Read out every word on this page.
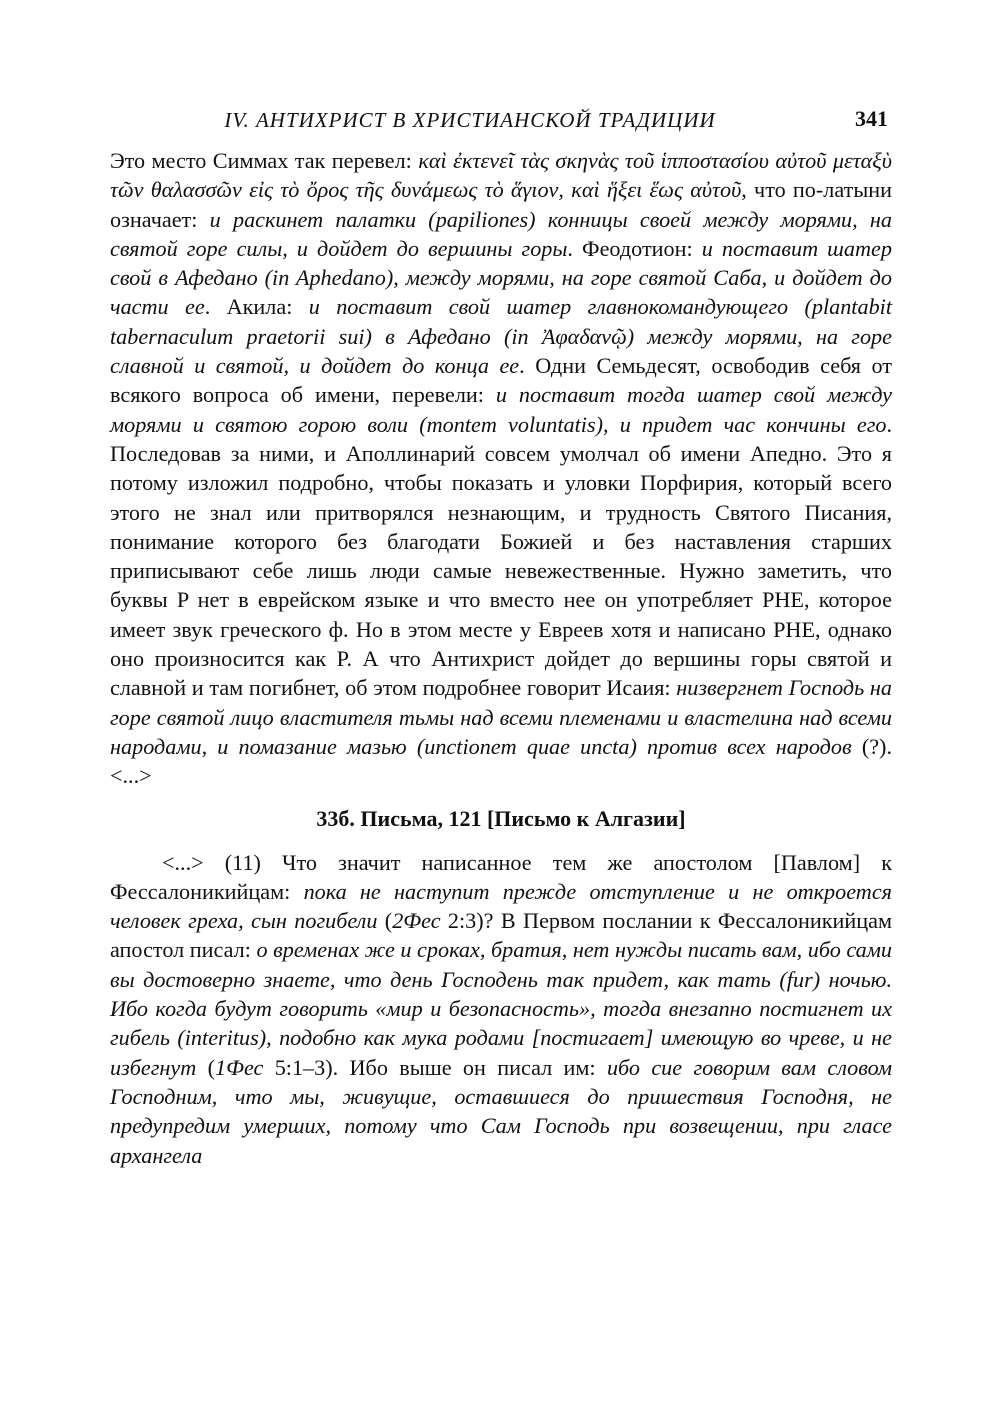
IV. АНТИХРИСТ В ХРИСТИАНСКОЙ ТРАДИЦИИ	341

Это место Симмах так перевел: καὶ ἐκτενεῖ τὰς σκηνὰς τοῦ ἱπποστασίου αὐτοῦ μεταξὺ τῶν θαλασσῶν εἰς τὸ ὄρος τῆς δυνάμεως τὸ ἅγιον, καὶ ἥξει ἕως αὐτοῦ, что по-латыни означает: и раскинет палатки (papiliones) конницы своей между морями, на святой горе силы, и дойдет до вершины горы. Феодотион: и поставит шатер свой в Афедано (in Aphedano), между морями, на горе святой Саба, и дойдет до части ее. Акила: и поставит свой шатер главнокомандующего (plantabit tabernaculum praetorii sui) в Афедано (in Ἀφαδανῷ) между морями, на горе славной и святой, и дойдет до конца ее. Одни Семьдесят, освободив себя от всякого вопроса об имени, перевели: и поставит тогда шатер свой между морями и святою горою воли (montem voluntatis), и придет час кончины его. Последовав за ними, и Аполлинарий совсем умолчал об имени Апедно. Это я потому изложил подробно, чтобы показать и уловки Порфирия, который всего этого не знал или притворялся незнающим, и трудность Святого Писания, понимание которого без благодати Божией и без наставления старших приписывают себе лишь люди самые невежественные. Нужно заметить, что буквы P нет в еврейском языке и что вместо нее он употребляет PHE, которое имеет звук греческого ф. Но в этом месте у Евреев хотя и написано PHE, однако оно произносится как P. А что Антихрист дойдет до вершины горы святой и славной и там погибнет, об этом подробнее говорит Исаия: низвергнет Господь на горе святой лицо властителя тьмы над всеми племенами и властелина над всеми народами, и помазание мазью (unctionem quae uncta) против всех народов (?). <...>

33б. Письма, 121 [Письмо к Алгазии]

<...> (11) Что значит написанное тем же апостолом [Павлом] к Фессалоникийцам: пока не наступит прежде отступление и не откроется человек греха, сын погибели (2Фес 2:3)? В Первом послании к Фессалоникийцам апостол писал: о временах же и сроках, братия, нет нужды писать вам, ибо сами вы достоверно знаете, что день Господень так придет, как тать (fur) ночью. Ибо когда будут говорить «мир и безопасность», тогда внезапно постигнет их гибель (interitus), подобно как мука родами [постигает] имеющую во чреве, и не избегнут (1Фес 5:1–3). Ибо выше он писал им: ибо сие говорим вам словом Господним, что мы, живущие, оставшиеся до пришествия Господня, не предупредим умерших, потому что Сам Господь при возвещении, при гласе архангела
